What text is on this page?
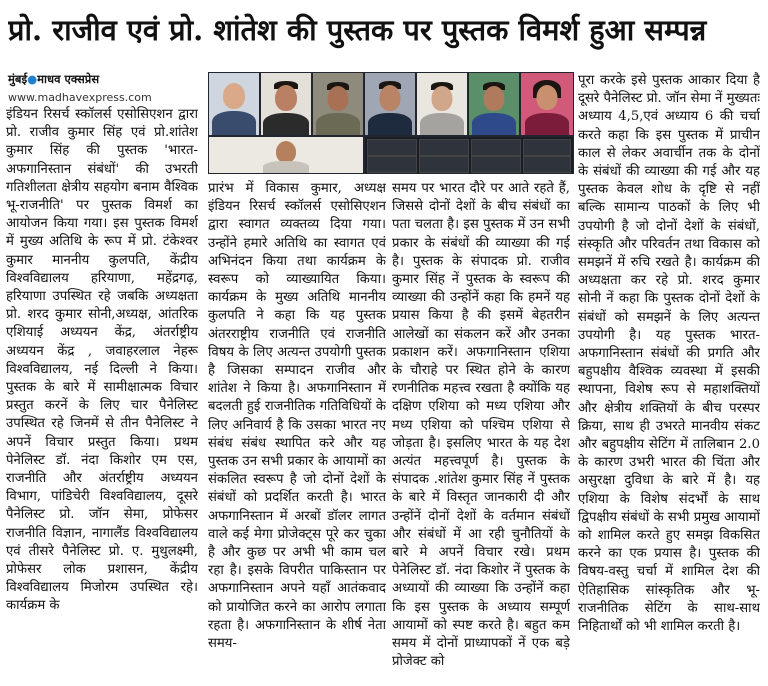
प्रो. राजीव एवं प्रो. शांतेश की पुस्तक पर पुस्तक विमर्श हुआ सम्पन्न
मुंबई●माधव एक्सप्रेस
www.madhavexpress.com

इंडियन रिसर्च स्कॉलर्स एसोसिएशन द्वारा प्रो. राजीव कुमार सिंह एवं प्रो.शांतेश कुमार सिंह की पुस्तक 'भारत-अफगानिस्तान संबंधों' की उभरती गतिशीलता क्षेत्रीय सहयोग बनाम वैश्विक भू-राजनीति' पर पुस्तक विमर्श का आयोजन किया गया। इस पुस्तक विमर्श में मुख्य अतिथि के रूप में प्रो. टंकेश्वर कुमार माननीय कुलपति, केंद्रीय विश्वविद्यालय हरियाणा, महेंद्रगढ़, हरियाणा उपस्थित रहे जबकि अध्यक्षता प्रो. शरद कुमार सोनी,अध्यक्ष, आंतरिक एशियाई अध्ययन केंद्र, अंतर्राष्ट्रीय अध्ययन केंद्र , जवाहरलाल नेहरू विश्वविद्यालय, नई दिल्ली ने किया। पुस्तक के बारे में सामीक्षात्मक विचार प्रस्तुत करनें के लिए चार पैनेलिस्ट उपस्थित रहे जिनमें से तीन पैनेलिस्ट ने अपनें विचार प्रस्तुत किया। प्रथम पेनेलिस्ट डॉ. नंदा किशोर एम एस, राजनीति और अंतर्राष्ट्रीय अध्ययन विभाग, पांडिचेरी विश्वविद्यालय, दूसरे पैनेलिस्ट प्रो. जॉन सेमा, प्रोफेसर राजनीति विज्ञान, नागालैंड विश्वविद्यालय एवं तीसरे पैनेलिस्ट प्रो. ए. मुथुलक्ष्मी, प्रोफेसर लोक प्रशासन, केंद्रीय विश्वविद्यालय मिजोरम उपस्थित रहे। कार्यक्रम के

प्रारंभ में विकास कुमार, अध्यक्ष इंडियन रिसर्च स्कॉलर्स एसोसिएशन द्वारा स्वागत व्यक्तव्य दिया गया। उन्होंने हमारे अतिथि का स्वागत एवं अभिनंदन किया तथा कार्यक्रम के स्वरूप को व्याख्यायित किया। कार्यक्रम के मुख्य अतिथि माननीय कुलपति ने कहा कि यह पुस्तक अंतरराष्ट्रीय राजनीति एवं राजनीति विषय के लिए अत्यन्त उपयोगी पुस्तक है जिसका सम्पादन राजीव और शांतेश ने किया है। अफगानिस्तान में बदलती हुई राजनीतिक गतिविधियों के लिए अनिवार्य है कि उसका भारत नए संबंध संबंध स्थापित करे और यह पुस्तक उन सभी प्रकार के आयामों का संकलित स्वरूप है जो दोनों देशों के संबंधों को प्रदर्शित करती है। भारत अफगानिस्तान में अरबों डॉलर लागत वाले कई मेगा प्रोजेक्ट्स पूरे कर चुका है और कुछ पर अभी भी काम चल रहा है। इसके विपरीत पाकिस्तान पर अफगानिस्तान अपने यहाँ आतंकवाद को प्रायोजित करने का आरोप लगाता रहता है। अफगानिस्तान के शीर्ष नेता समय-

समय पर भारत दौरे पर आते रहते हैं, जिससे दोनों देशों के बीच संबंधों का पता चलता है। इस पुस्तक में उन सभी प्रकार के संबंधों की व्याख्या की गई है। पुस्तक के संपादक प्रो. राजीव कुमार सिंह नें पुस्तक के स्वरूप की व्याख्या की उन्होंनें कहा कि हमनें यह प्रयास किया है की इसमें बेहतरीन आलेखों का संकलन करें और उनका प्रकाशन करें। अफगानिस्तान एशिया के चौराहे पर स्थित होने के कारण रणनीतिक महत्त्व रखता है क्योंकि यह दक्षिण एशिया को मध्य एशिया और मध्य एशिया को पश्चिम एशिया से जोड़ता है। इसलिए भारत के यह देश अत्यंत महत्त्वपूर्ण है। पुस्तक के संपादक .शांतेश कुमार सिंह नें पुस्तक के बारे में विस्तृत जानकारी दी और उन्होंनें दोनों देशों के वर्तमान संबंधों और संबंधों में आ रही चुनौतियों के बारे मे अपनें विचार रखे। प्रथम पेनेलिस्ट डॉ. नंदा किशोर नें पुस्तक के अध्यायों की व्याख्या कि उन्होंनें कहा कि इस पुस्तक के अध्याय सम्पूर्ण आयामों को स्पष्ट करते है। बहुत कम समय में दोनों प्राध्यापकों नें एक बड़े प्रोजेक्ट को

पूरा करके इसे पुस्तक आकार दिया है दूसरे पैनेलिस्ट प्रो. जॉन सेमा नें मुख्यतः अध्याय 4,5,एवं अध्याय 6 की चर्चा करते कहा कि इस पुस्तक में प्राचीन काल से लेकर अवार्चीन तक के दोनों के संबंधों की व्याख्या की गई और यह पुस्तक केवल शोध के दृष्टि से नहीं बल्कि सामान्य पाठकों के लिए भी उपयोगी है जो दोनों देशों के संबंधों, संस्कृति और परिवर्तन तथा विकास को समझनें में रुचि रखते है। कार्यक्रम की अध्यक्षता कर रहे प्रो. शरद कुमार सोनी नें कहा कि पुस्तक दोनों देशों के संबंधों को समझनें के लिए अत्यन्त उपयोगी है। यह पुस्तक भारत-अफगानिस्तान संबंधों की प्रगति और बहुपक्षीय वैश्विक व्यवस्था में इसकी स्थापना, विशेष रूप से महाशक्तियों और क्षेत्रीय शक्तियों के बीच परस्पर क्रिया, साथ ही उभरते मानवीय संकट और बहुपक्षीय सेटिंग में तालिबान 2.0 के कारण उभरी भारत की चिंता और असुरक्षा दुविधा के बारे में है। यह एशिया के विशेष संदर्भों के साथ द्विपक्षीय संबंधों के सभी प्रमुख आयामों को शामिल करते हुए समझ विकसित करने का एक प्रयास है। पुस्तक की विषय-वस्तु चर्चा में शामिल देश की ऐतिहासिक सांस्कृतिक और भू-राजनीतिक सेटिंग के साथ-साथ निहितार्थों को भी शामिल करती है।
